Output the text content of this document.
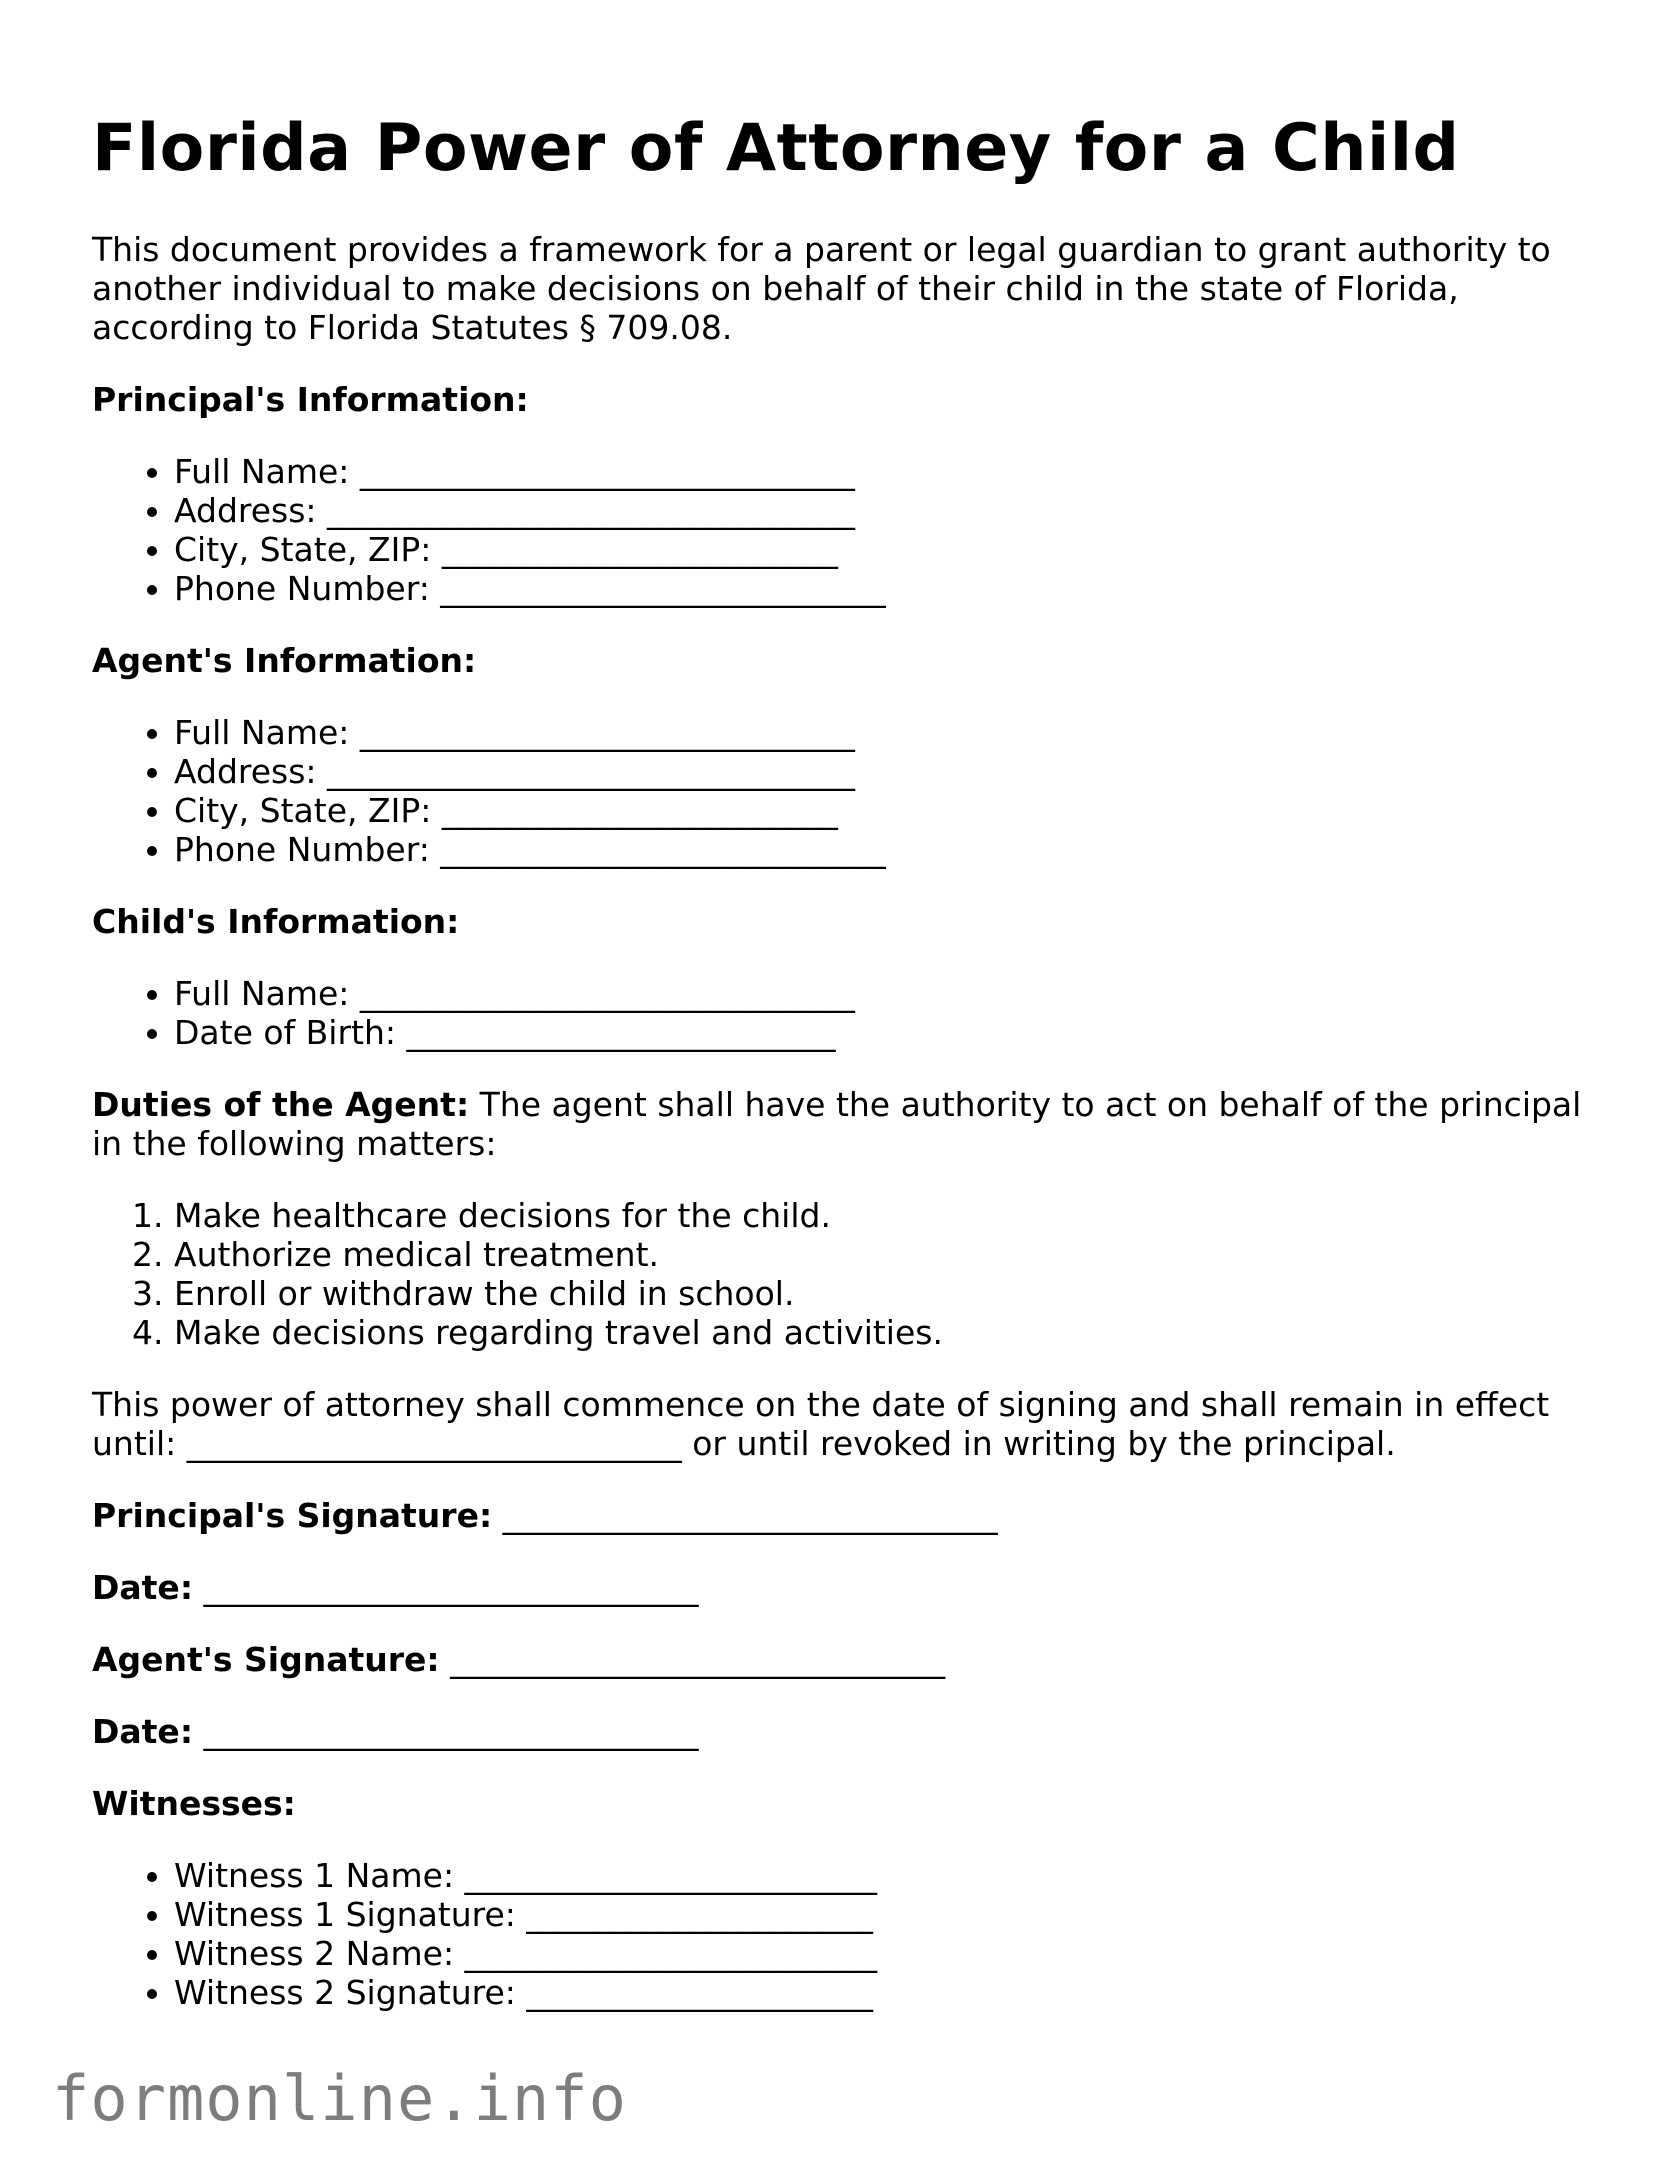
Florida Power of Attorney for a Child

This document provides a framework for a parent or legal guardian to grant authority to another individual to make decisions on behalf of their child in the state of Florida, according to Florida Statutes § 709.08.

Principal's Information:
• Full Name: ______________________________
• Address: ________________________________
• City, State, ZIP: ________________________
• Phone Number: ___________________________
Agent's Information:
• Full Name: ______________________________
• Address: ________________________________
• City, State, ZIP: ________________________
• Phone Number: ___________________________
Child's Information:
• Full Name: ______________________________
• Date of Birth: __________________________

Duties of the Agent: The agent shall have the authority to act on behalf of the principal in the following matters:

1. Make healthcare decisions for the child.
2. Authorize medical treatment.
3. Enroll or withdraw the child in school.
4. Make decisions regarding travel and activities.

This power of attorney shall commence on the date of signing and shall remain in effect until: ______________________________ or until revoked in writing by the principal.

Principal's Signature: ______________________________

Date: ______________________________

Agent's Signature: ______________________________

Date: ______________________________

Witnesses:
• Witness 1 Name: _________________________
• Witness 1 Signature: _____________________
• Witness 2 Name: _________________________
• Witness 2 Signature: _____________________
formonline.info
